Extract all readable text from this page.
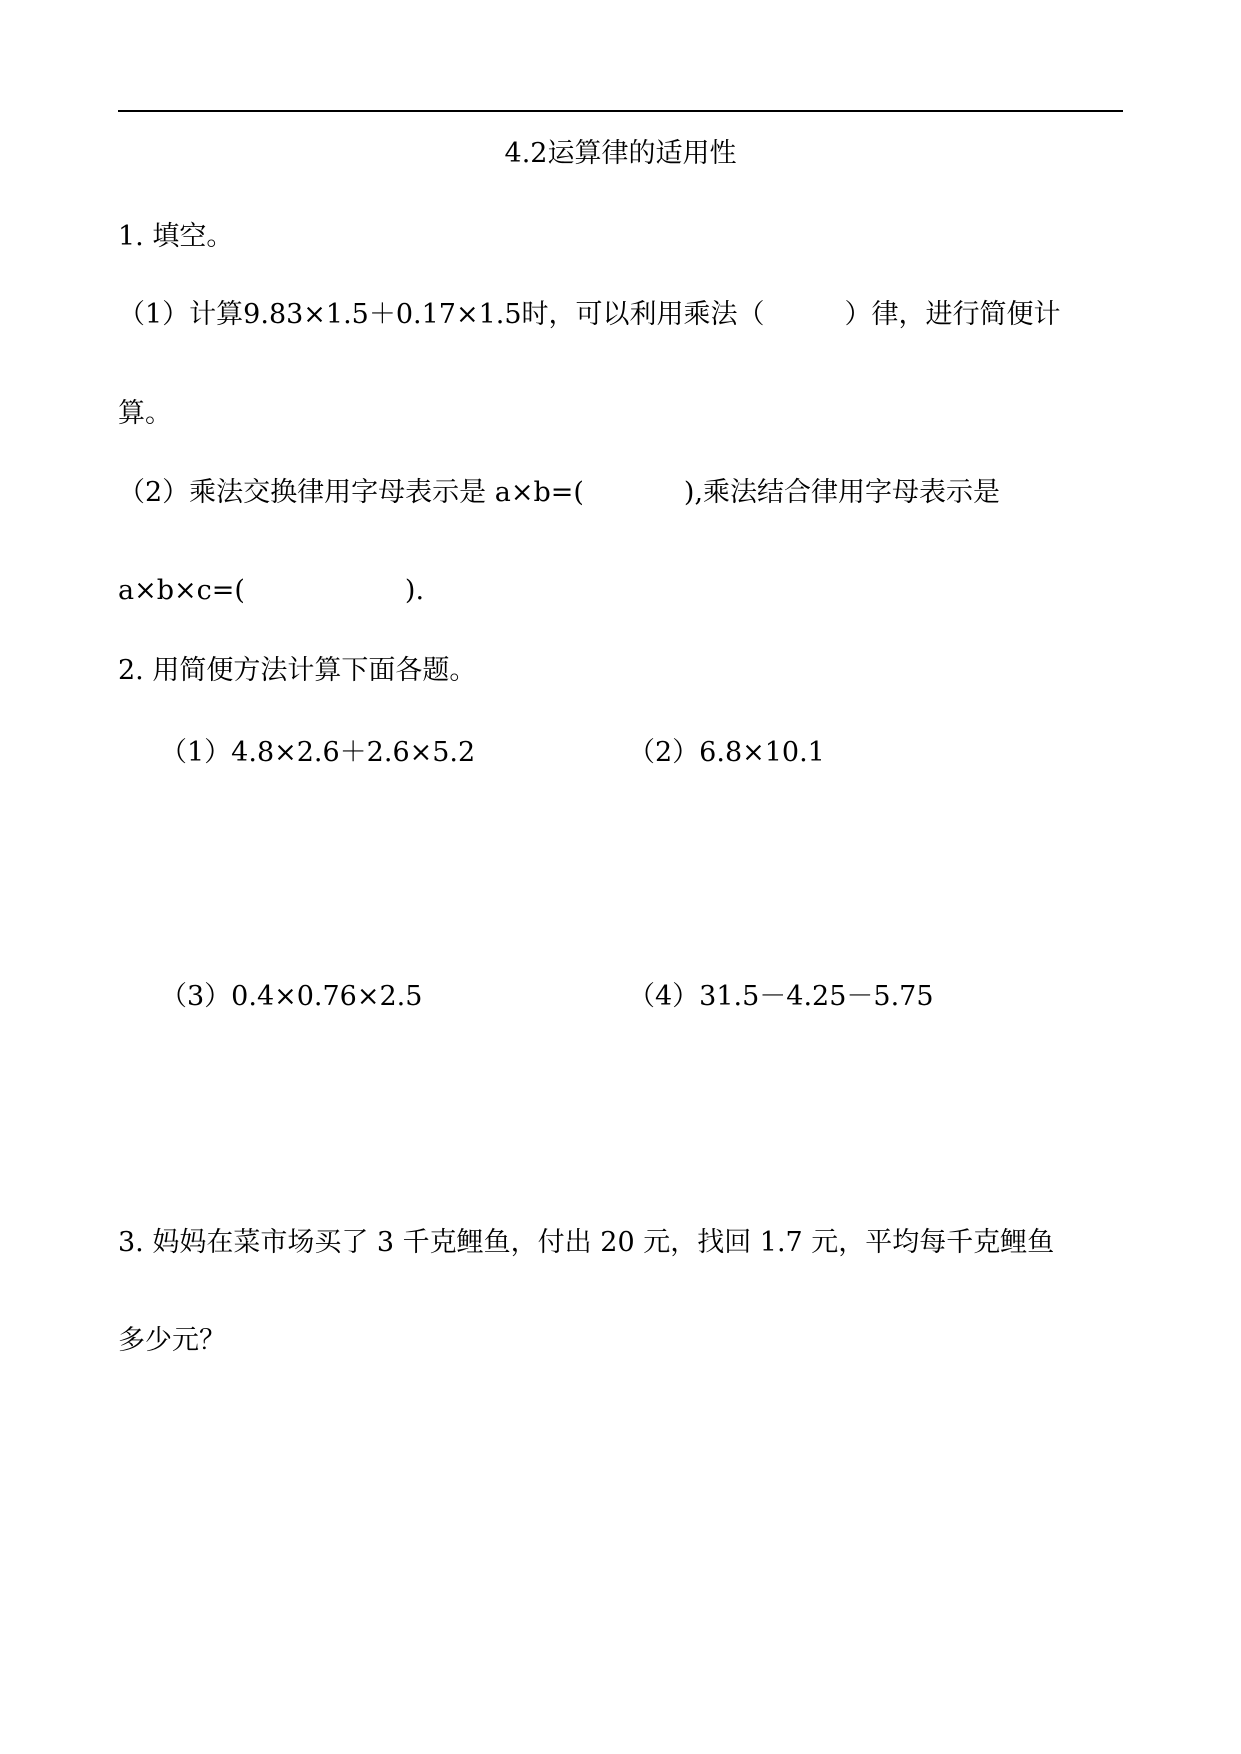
4.2运算律的适用性
1. 填空。
（1）计算9.83×1.5＋0.17×1.5时，可以利用乘法（	）律，进行简便计
算。
（2）乘法交换律用字母表示是 a×b=(	),乘法结合律用字母表示是
a×b×c=(	).
2. 用简便方法计算下面各题。
（1）4.8×2.6＋2.6×5.2	（2）6.8×10.1
（3）0.4×0.76×2.5	（4）31.5－4.25－5.75
3. 妈妈在菜市场买了 3 千克鲤鱼，付出 20 元，找回 1.7 元，平均每千克鲤鱼
多少元？
